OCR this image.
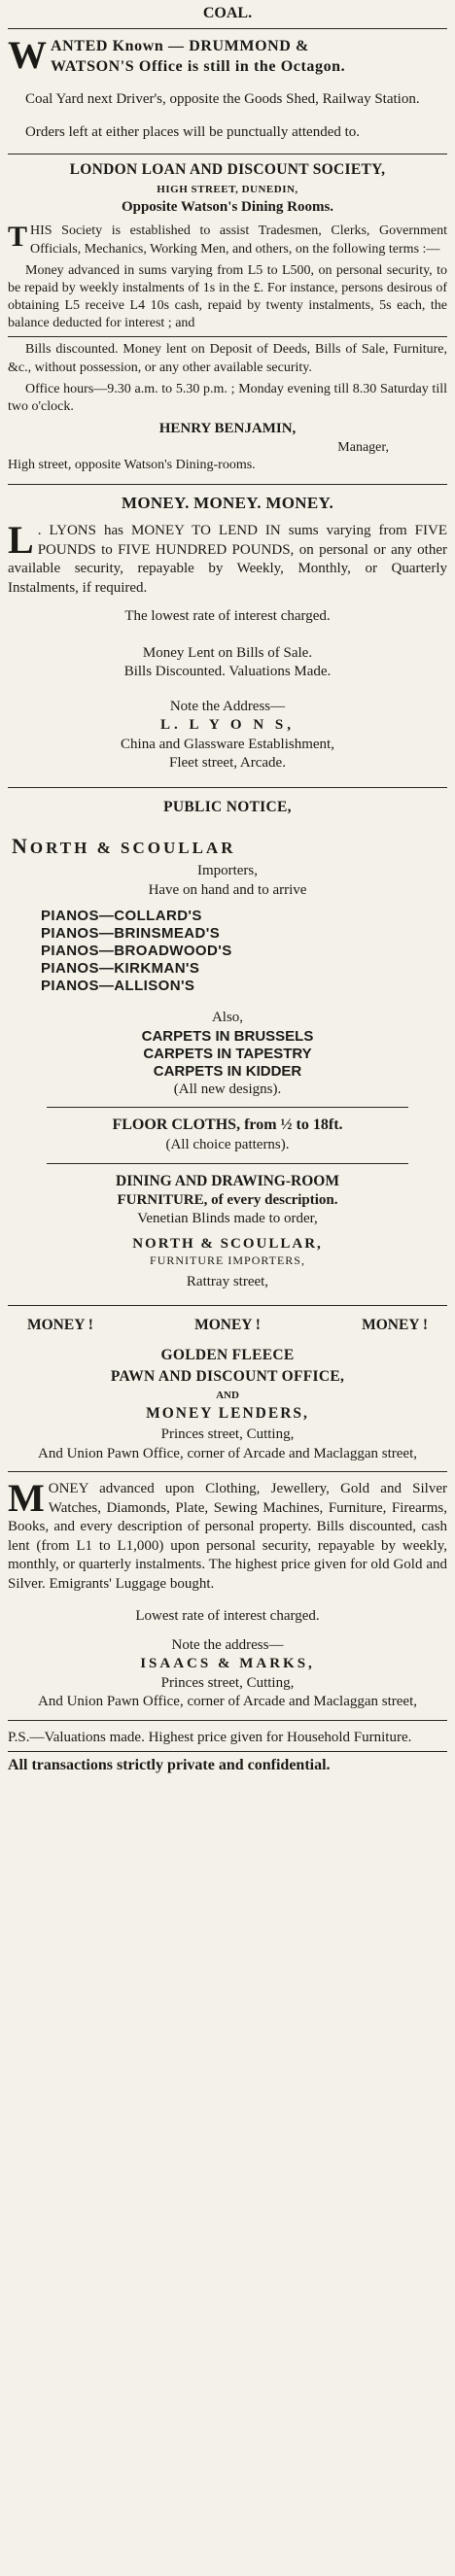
COAL.
W ANTED Known — DRUMMOND &
WATSON'S Office is still in the Octagon.

Coal Yard next Driver's, opposite the Goods Shed, Railway Station.

Orders left at either places will be punctually attended to.

LONDON LOAN AND DISCOUNT SOCIETY,
HIGH STREET, DUNEDIN,
Opposite Watson's Dining Rooms.
T HIS Society is established to assist Tradesmen, Clerks, Government Officials, Mechanics, Working Men, and others, on the following terms :—

Money advanced in sums varying from L5 to L500, on personal security, to be repaid by weekly instalments of 1s in the £. For instance, persons desirous of obtaining L5 receive L4 10s cash, repaid by twenty instalments, 5s each, the balance deducted for interest ; and

Bills discounted. Money lent on Deposit of Deeds, Bills of Sale, Furniture, &c., without possession, or any other available security.

Office hours—9.30 a.m. to 5.30 p.m. ; Monday evening till 8.30 Saturday till two o'clock.

HENRY BENJAMIN,
Manager,
High street, opposite Watson's Dining-rooms.
MONEY. MONEY. MONEY.
L . LYONS has MONEY TO LEND IN sums varying from FIVE POUNDS to FIVE HUNDRED POUNDS, on personal or any other available security, repayable by Weekly, Monthly, or Quarterly Instalments, if required.

The lowest rate of interest charged.

Money Lent on Bills of Sale.

Bills Discounted. Valuations Made.

Note the Address—

L. L Y O N S,
China and Glassware Establishment,
Fleet street, Arcade.
PUBLIC NOTICE,
NORTH & SCOULLAR
Importers,
Have on hand and to arrive
PIANOS—COLLARD'S
PIANOS—BRINSMEAD'S
PIANOS—BROADWOOD'S
PIANOS—KIRKMAN'S
PIANOS—ALLISON'S
Also,
CARPETS IN BRUSSELS
CARPETS IN TAPESTRY
CARPETS IN KIDDER
(All new designs).
FLOOR CLOTHS, from ½ to 18ft.
(All choice patterns).
DINING AND DRAWING-ROOM
FURNITURE, of every description.
Venetian Blinds made to order,
NORTH & SCOULLAR,
FURNITURE IMPORTERS,
Rattray street,
MONEY !	MONEY !	MONEY !
GOLDEN FLEECE
PAWN AND DISCOUNT OFFICE,
AND
MONEY LENDERS,
Princes street, Cutting,
And Union Pawn Office, corner of Arcade and Maclaggan street,
M ONEY advanced upon Clothing, Jewellery, Gold and Silver Watches, Diamonds, Plate, Sewing Machines, Furniture, Firearms, Books, and every description of personal property. Bills discounted, cash lent (from L1 to L1,000) upon personal security, repayable by weekly, monthly, or quarterly instalments. The highest price given for old Gold and Silver. Emigrants' Luggage bought.

Lowest rate of interest charged.

Note the address—

ISAACS & MARKS,
Princes street, Cutting,
And Union Pawn Office, corner of Arcade and Maclaggan street,

P.S.—Valuations made. Highest price given for Household Furniture.

All transactions strictly private and confidential.
